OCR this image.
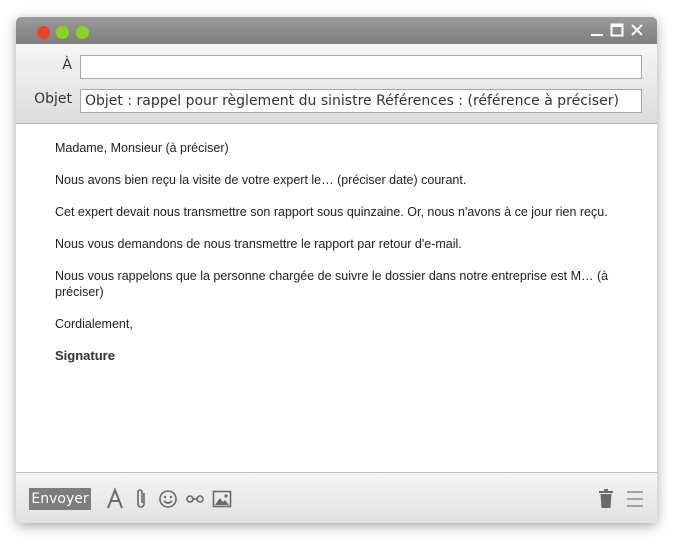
À
Objet Objet : rappel pour règlement du sinistre Références : (référence à préciser)

Madame, Monsieur (à préciser)

Nous avons bien reçu la visite de votre expert le… (préciser date) courant.

Cet expert devait nous transmettre son rapport sous quinzaine. Or, nous n'avons à ce jour rien reçu.

Nous vous demandons de nous transmettre le rapport par retour d'e-mail.

Nous vous rappelons que la personne chargée de suivre le dossier dans notre entreprise est M… (à préciser)

Cordialement,

Signature

Envoyer
